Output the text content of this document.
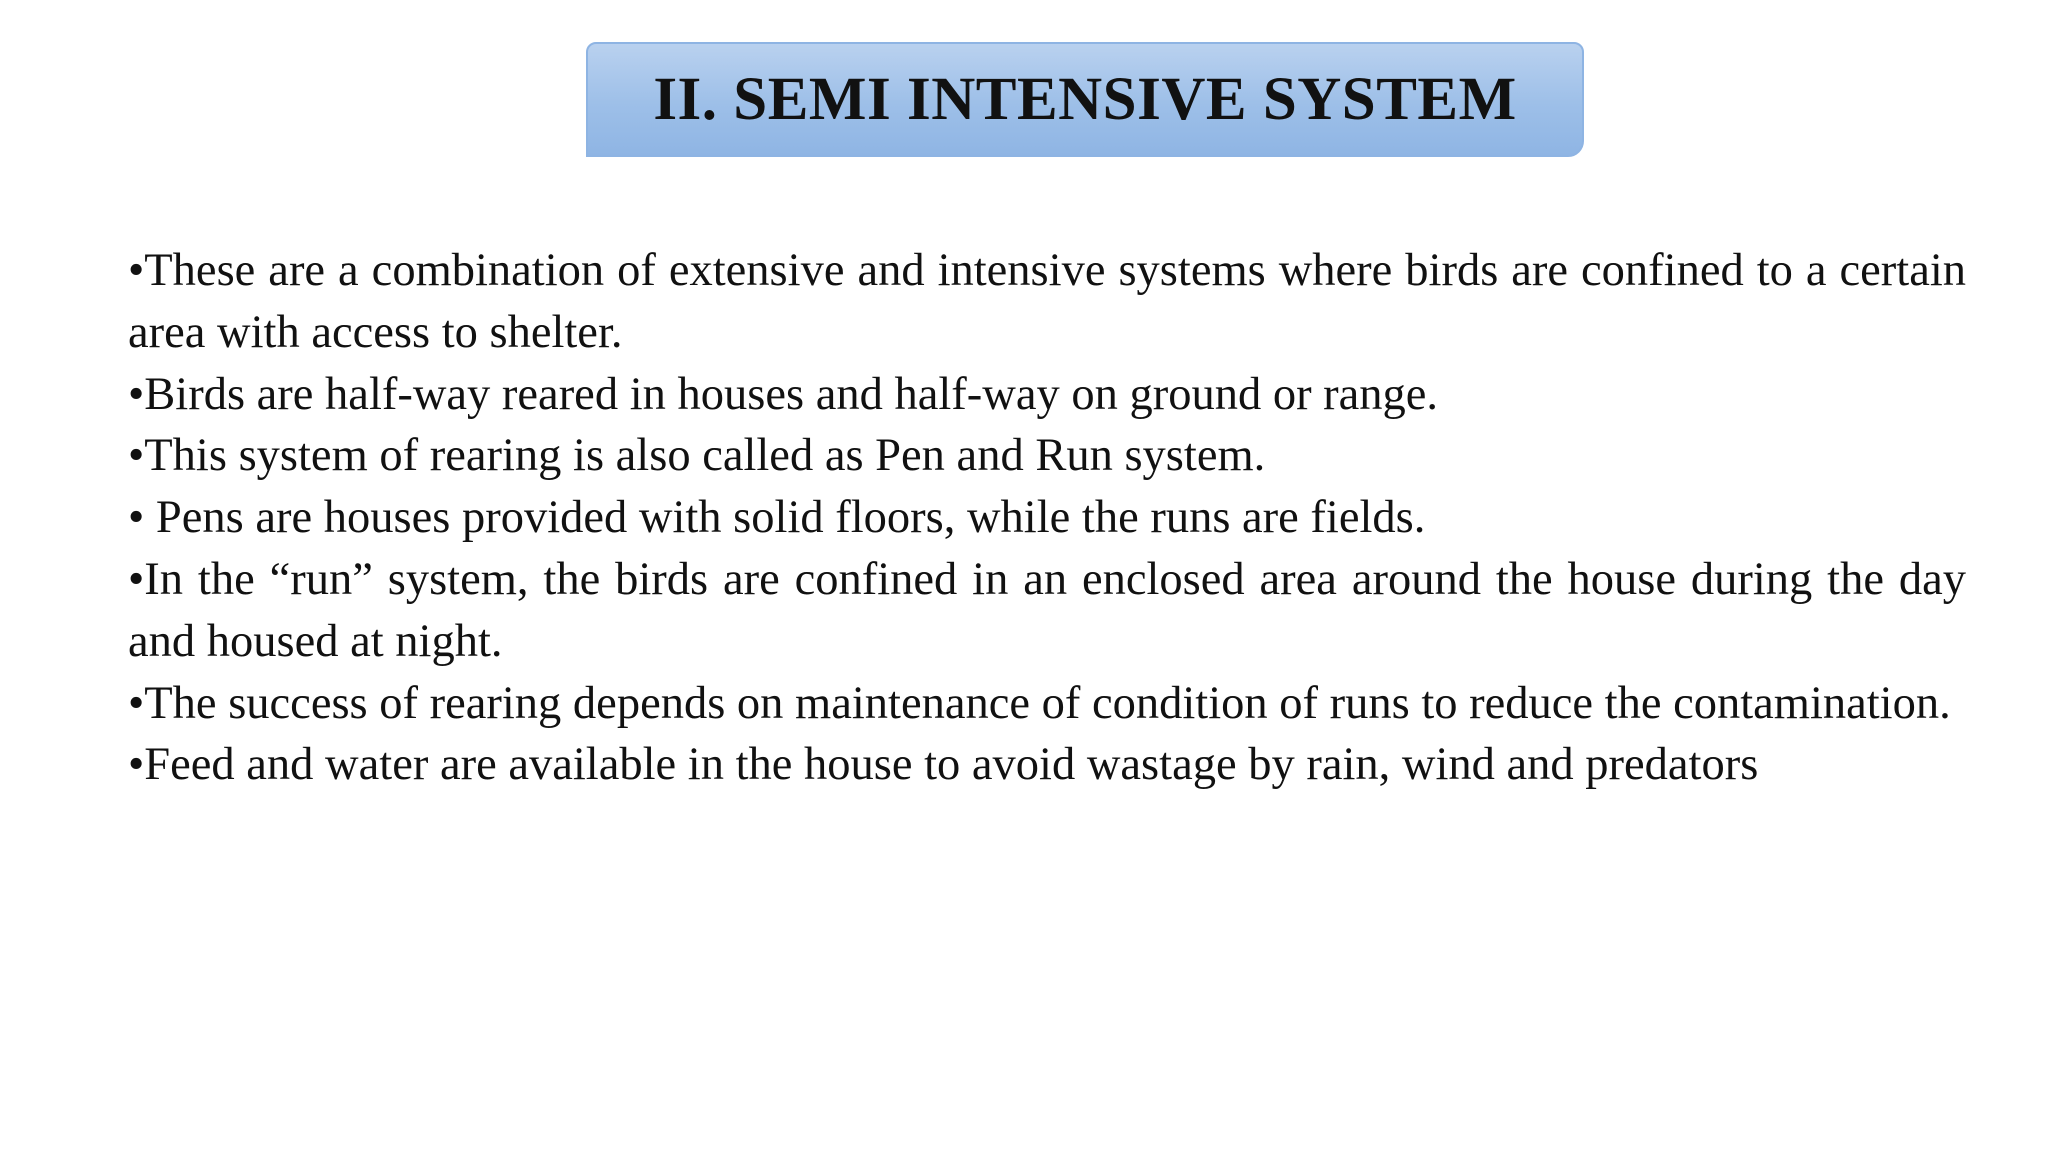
II. SEMI INTENSIVE SYSTEM

•These are a combination of extensive and intensive systems where birds are confined to a certain area with access to shelter.

•Birds are half-way reared in houses and half-way on ground or range.

•This system of rearing is also called as Pen and Run system.

• Pens are houses provided with solid floors, while the runs are fields.

•In the “run” system, the birds are confined in an enclosed area around the house during the day and housed at night.

•The success of rearing depends on maintenance of condition of runs to reduce the contamination.

•Feed and water are available in the house to avoid wastage by rain, wind and predators
